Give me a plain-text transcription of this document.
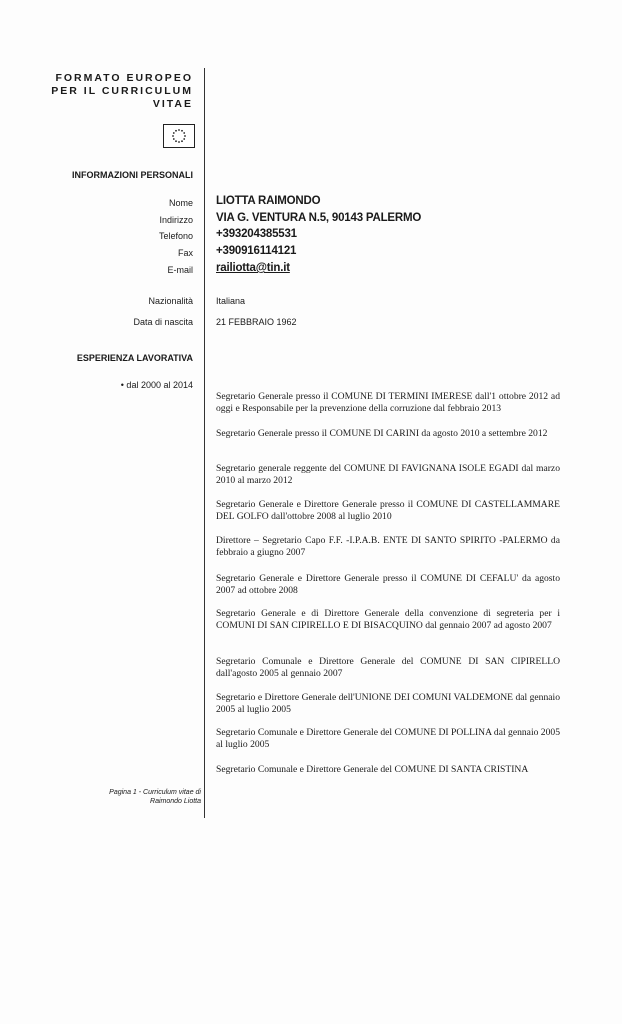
FORMATO EUROPEO
PER IL CURRICULUM
VITAE
INFORMAZIONI PERSONALI
Nome LIOTTA RAIMONDO
Indirizzo VIA G. VENTURA N.5, 90143 PALERMO
Telefono +393204385531
Fax +390916114121
E-mail railiotta@tin.it
Nazionalità	Italiana
Data di nascita	21 FEBBRAIO 1962
ESPERIENZA LAVORATIVA
• dal 2000 al 2014
Segretario Generale presso il COMUNE DI TERMINI IMERESE dall'1 ottobre 2012 ad oggi e Responsabile per la prevenzione della corruzione dal febbraio 2013
Segretario Generale presso il COMUNE DI CARINI da agosto 2010 a settembre 2012
Segretario generale reggente del COMUNE DI FAVIGNANA ISOLE EGADI dal marzo 2010 al marzo 2012
Segretario Generale e Direttore Generale presso il COMUNE DI CASTELLAMMARE DEL GOLFO dall'ottobre 2008 al luglio 2010
Direttore – Segretario Capo F.F. -I.P.A.B. ENTE DI SANTO SPIRITO -PALERMO da febbraio a giugno 2007
Segretario Generale e Direttore Generale presso il COMUNE DI CEFALU' da agosto 2007 ad ottobre 2008
Segretario Generale e di Direttore Generale della convenzione di segreteria per i COMUNI DI SAN CIPIRELLO E DI BISACQUINO dal gennaio 2007 ad agosto 2007
Segretario Comunale e Direttore Generale del COMUNE DI SAN CIPIRELLO dall'agosto 2005 al gennaio 2007
Segretario e Direttore Generale dell'UNIONE DEI COMUNI VALDEMONE dal gennaio 2005 al luglio 2005
Segretario Comunale e Direttore Generale del COMUNE DI POLLINA dal gennaio 2005 al luglio 2005
Segretario Comunale e Direttore Generale del COMUNE DI SANTA CRISTINA
Pagina 1 - Curriculum vitae di
Raimondo Liotta
